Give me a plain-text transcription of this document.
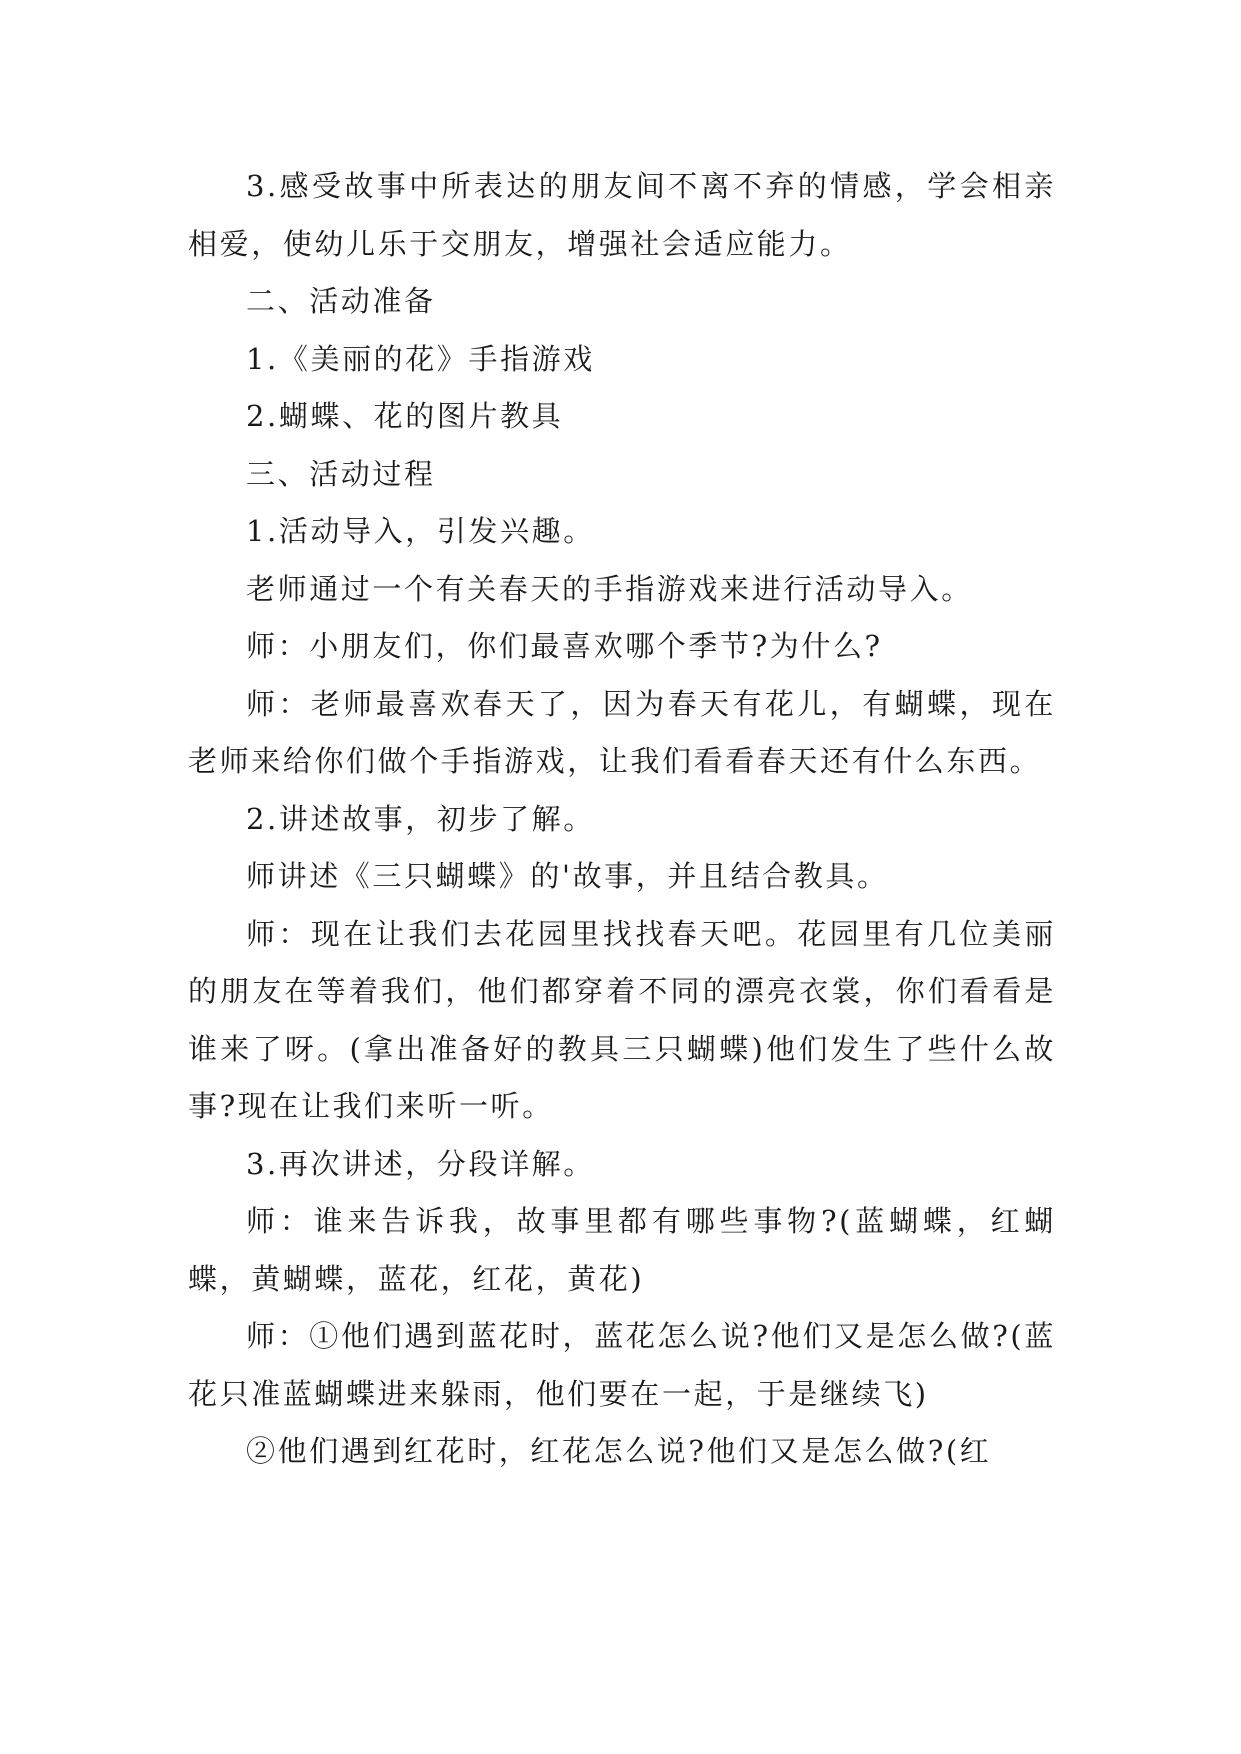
3.感受故事中所表达的朋友间不离不弃的情感，学会相亲相爱，使幼儿乐于交朋友，增强社会适应能力。

二、活动准备

1.《美丽的花》手指游戏

2.蝴蝶、花的图片教具

三、活动过程

1.活动导入，引发兴趣。

老师通过一个有关春天的手指游戏来进行活动导入。

师：小朋友们，你们最喜欢哪个季节?为什么?

师：老师最喜欢春天了，因为春天有花儿，有蝴蝶，现在老师来给你们做个手指游戏，让我们看看春天还有什么东西。

2.讲述故事，初步了解。

师讲述《三只蝴蝶》的'故事，并且结合教具。

师：现在让我们去花园里找找春天吧。花园里有几位美丽的朋友在等着我们，他们都穿着不同的漂亮衣裳，你们看看是谁来了呀。(拿出准备好的教具三只蝴蝶)他们发生了些什么故事?现在让我们来听一听。

3.再次讲述，分段详解。

师：谁来告诉我，故事里都有哪些事物?(蓝蝴蝶，红蝴蝶，黄蝴蝶，蓝花，红花，黄花)

师：①他们遇到蓝花时，蓝花怎么说?他们又是怎么做?(蓝花只准蓝蝴蝶进来躲雨，他们要在一起，于是继续飞)

②他们遇到红花时，红花怎么说?他们又是怎么做?(红
